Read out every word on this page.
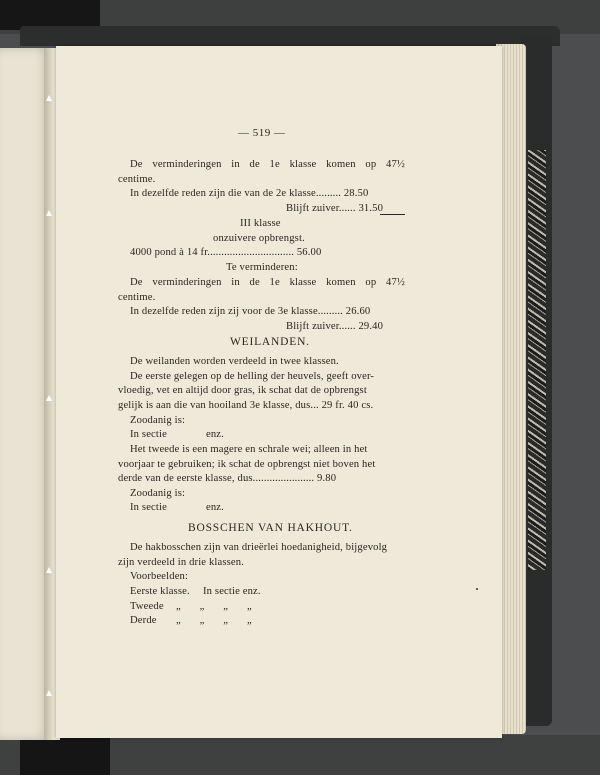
— 519 —
De verminderingen in de 1e klasse komen op 47½
centime.
In dezelfde reden zijn die van de 2e klasse......... 28.50
Blijft zuiver...... 31.50
III klasse
onzuivere opbrengst.
4000 pond à 14 fr............................... 56.00
Te verminderen:
De verminderingen in de 1e klasse komen op 47½
centime.
In dezelfde reden zijn zij voor de 3e klasse......... 26.60
Blijft zuiver...... 29.40
WEILANDEN.
De weilanden worden verdeeld in twee klassen.
De eerste gelegen op de helling der heuvels, geeft over-
vloedig, vet en altijd door gras, ik schat dat de opbrengst
gelijk is aan die van hooiland 3e klasse, dus... 29 fr. 40 cs.
Zoodanig is:
In sectie	enz.
Het tweede is een magere en schrale wei; alleen in het
voorjaar te gebruiken; ik schat de opbrengst niet boven het
derde van de eerste klasse, dus...................... 9.80
Zoodanig is:
In sectie	enz.
BOSSCHEN VAN HAKHOUT.
De hakbosschen zijn van drieërlei hoedanigheid, bijgevolg
zijn verdeeld in drie klassen.
Voorbeelden:
Eerste klasse. In sectie enz.
Tweede „ „ „ „
Derde „ „ „ „
